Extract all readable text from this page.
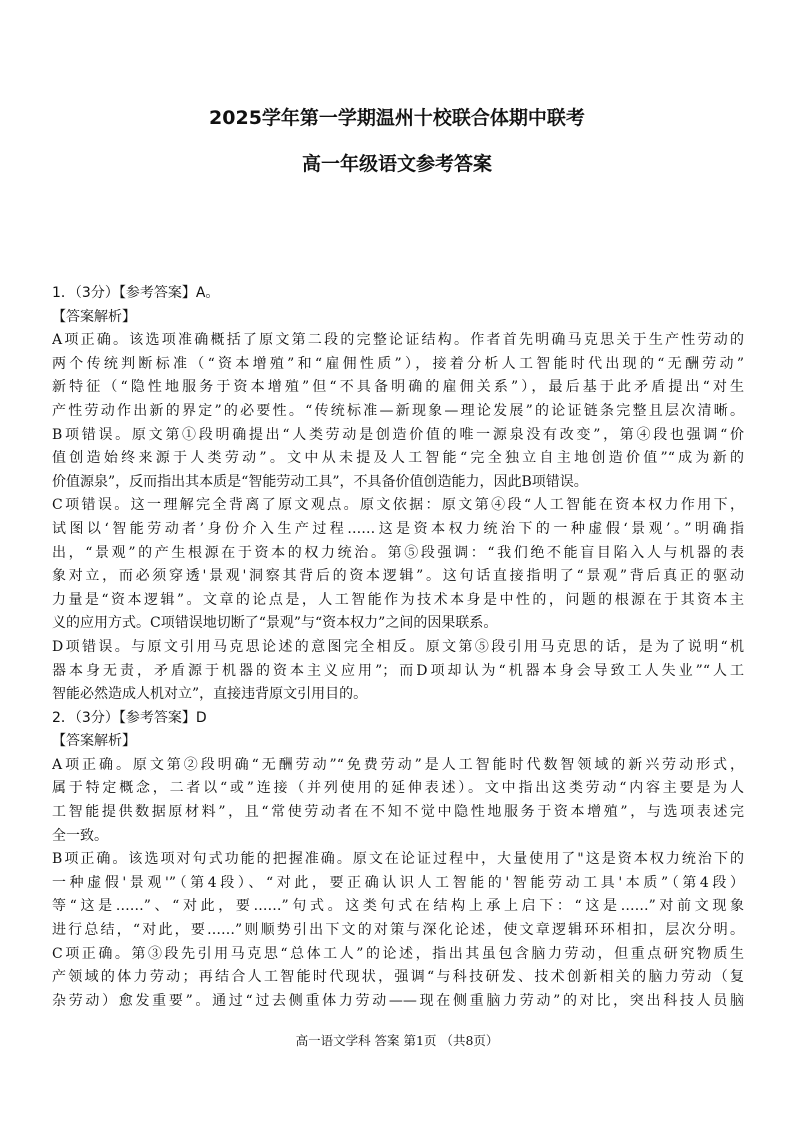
2025学年第一学期温州十校联合体期中联考
高一年级语文参考答案
1．（3分）【参考答案】A。
【答案解析】
A项正确。该选项准确概括了原文第二段的完整论证结构。作者首先明确马克思关于生产性劳动的
两个传统判断标准（“资本增殖”和“雇佣性质”），接着分析人工智能时代出现的“无酬劳动”
新特征（“隐性地服务于资本增殖”但“不具备明确的雇佣关系”），最后基于此矛盾提出“对生
产性劳动作出新的界定”的必要性。“传统标准—新现象—理论发展”的论证链条完整且层次清晰。
B项错误。原文第①段明确提出“人类劳动是创造价值的唯一源泉没有改变”，第④段也强调“价
值创造始终来源于人类劳动”。文中从未提及人工智能“完全独立自主地创造价值”“成为新的
价值源泉”，反而指出其本质是“智能劳动工具”，不具备价值创造能力，因此B项错误。
C项错误。这一理解完全背离了原文观点。原文依据：原文第④段“人工智能在资本权力作用下，
试图以‘智能劳动者’身份介入生产过程……这是资本权力统治下的一种虚假‘景观’。”明确指
出，“景观”的产生根源在于资本的权力统治。第⑤段强调：“我们绝不能盲目陷入人与机器的表
象对立，而必须穿透'景观'洞察其背后的资本逻辑”。这句话直接指明了“景观”背后真正的驱动
力量是“资本逻辑”。文章的论点是，人工智能作为技术本身是中性的，问题的根源在于其资本主
义的应用方式。C项错误地切断了“景观”与“资本权力”之间的因果联系。
D项错误。与原文引用马克思论述的意图完全相反。原文第⑤段引用马克思的话，是为了说明“机
器本身无责，矛盾源于机器的资本主义应用”；而D项却认为“机器本身会导致工人失业”“人工
智能必然造成人机对立”，直接违背原文引用目的。
2．（3分）【参考答案】D
【答案解析】
A项正确。原文第②段明确“无酬劳动”“免费劳动”是人工智能时代数智领域的新兴劳动形式，
属于特定概念，二者以“或”连接（并列使用的延伸表述）。文中指出这类劳动“内容主要是为人
工智能提供数据原材料”，且“常使劳动者在不知不觉中隐性地服务于资本增殖”，与选项表述完
全一致。
B项正确。该选项对句式功能的把握准确。原文在论证过程中，大量使用了"这是资本权力统治下的
一种虚假'景观'”（第4段）、“对此，要正确认识人工智能的'智能劳动工具'本质”（第4段）
等“这是……”、“对此，要……”句式。这类句式在结构上承上启下：“这是……”对前文现象
进行总结，“对此，要……”则顺势引出下文的对策与深化论述，使文章逻辑环环相扣，层次分明。
C项正确。第③段先引用马克思“总体工人”的论述，指出其虽包含脑力劳动，但重点研究物质生
产领域的体力劳动；再结合人工智能时代现状，强调“与科技研发、技术创新相关的脑力劳动（复
杂劳动）愈发重要”。通过“过去侧重体力劳动——现在侧重脑力劳动”的对比，突出科技人员脑
高一语文学科 答案 第1页 （共8页）
